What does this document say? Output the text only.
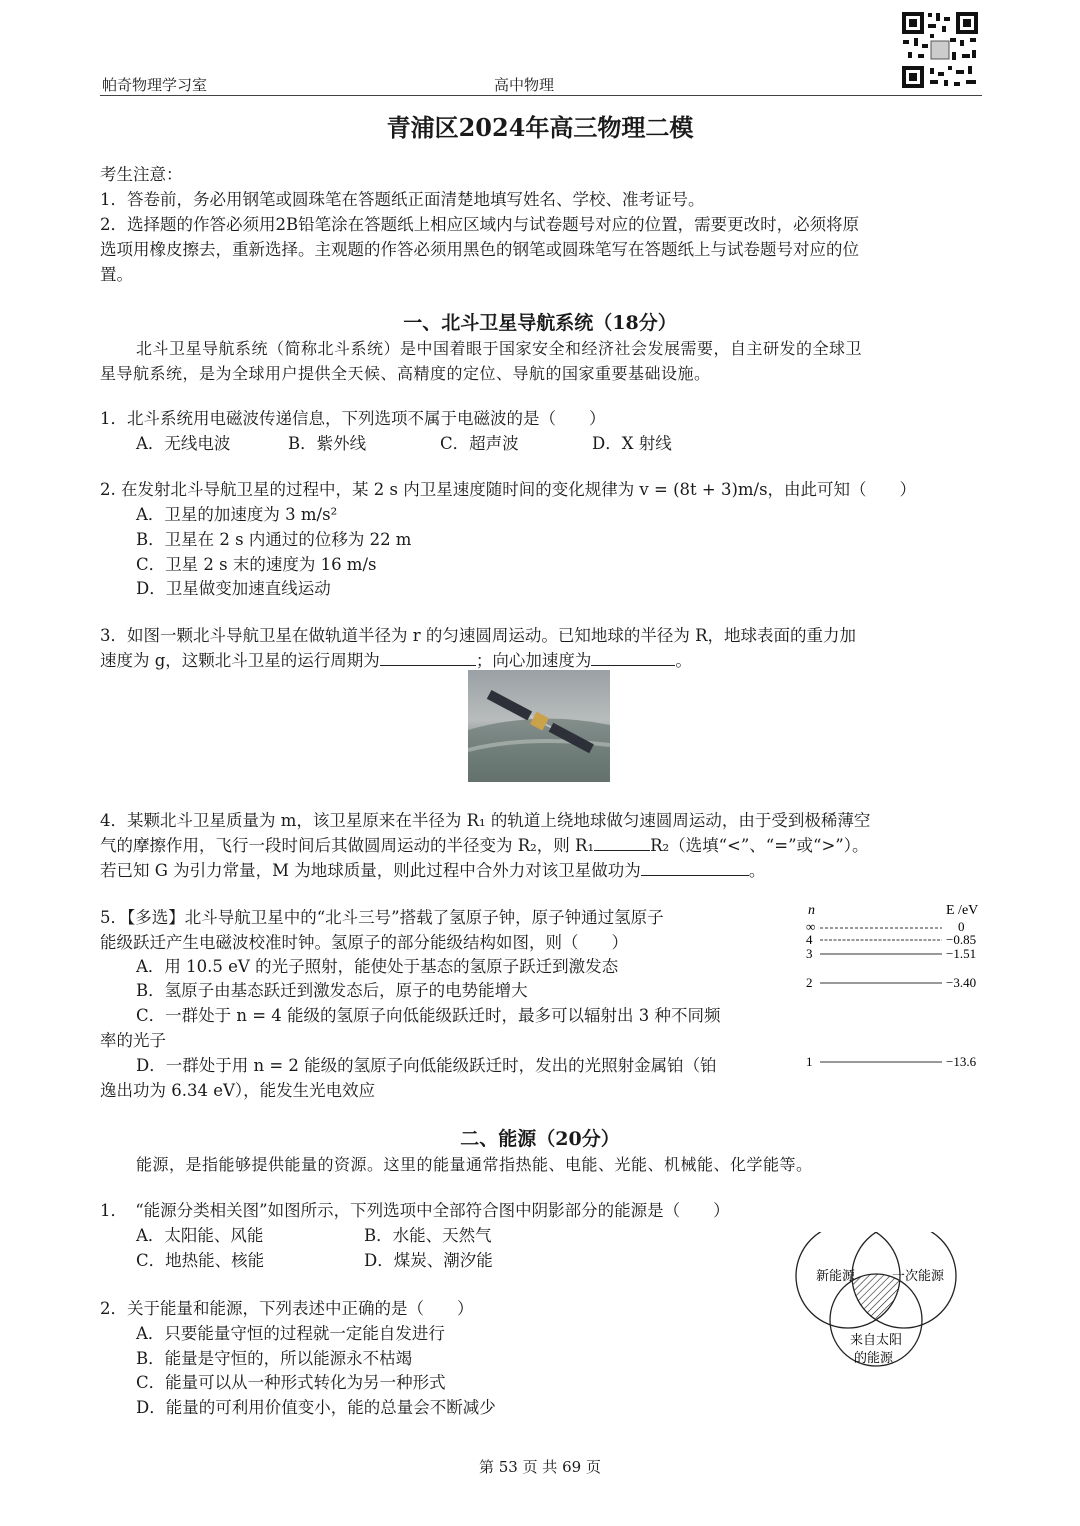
帕奇物理学习室	高中物理
青浦区2024年高三物理二模
考生注意：
1．答卷前，务必用钢笔或圆珠笔在答题纸正面清楚地填写姓名、学校、准考证号。
2．选择题的作答必须用2B铅笔涂在答题纸上相应区域内与试卷题号对应的位置，需要更改时，必须将原
选项用橡皮擦去，重新选择。主观题的作答必须用黑色的钢笔或圆珠笔写在答题纸上与试卷题号对应的位
置。
一、北斗卫星导航系统（18分）
北斗卫星导航系统（简称北斗系统）是中国着眼于国家安全和经济社会发展需要，自主研发的全球卫
星导航系统，是为全球用户提供全天候、高精度的定位、导航的国家重要基础设施。
1．北斗系统用电磁波传递信息，下列选项不属于电磁波的是（　　）
A．无线电波	B．紫外线	C．超声波	D．X 射线
2. 在发射北斗导航卫星的过程中，某 2 s 内卫星速度随时间的变化规律为 v = (8t + 3)m/s，由此可知（　　）
A．卫星的加速度为 3 m/s²
B．卫星在 2 s 内通过的位移为 22 m
C．卫星 2 s 末的速度为 16 m/s
D．卫星做变加速直线运动
3．如图一颗北斗导航卫星在做轨道半径为 r 的匀速圆周运动。已知地球的半径为 R，地球表面的重力加
速度为 g，这颗北斗卫星的运行周期为	；向心加速度为	。
4．某颗北斗卫星质量为 m，该卫星原来在半径为 R₁ 的轨道上绕地球做匀速圆周运动，由于受到极稀薄空
气的摩擦作用，飞行一段时间后其做圆周运动的半径变为 R₂，则 R₁	R₂（选填“<”、“=”或“>”）。
若已知 G 为引力常量，M 为地球质量，则此过程中合外力对该卫星做功为	。
5．【多选】北斗导航卫星中的“北斗三号”搭载了氢原子钟，原子钟通过氢原子
能级跃迁产生电磁波校准时钟。氢原子的部分能级结构如图，则（　　）
A．用 10.5 eV 的光子照射，能使处于基态的氢原子跃迁到激发态
B．氢原子由基态跃迁到激发态后，原子的电势能增大
C．一群处于 n = 4 能级的氢原子向低能级跃迁时，最多可以辐射出 3 种不同频
率的光子
D．一群处于用 n = 2 能级的氢原子向低能级跃迁时，发出的光照射金属铂（铂
逸出功为 6.34 eV），能发生光电效应
n	E /eV
∞	0
4	−0.85
3	−1.51
2	−3.40
1	−13.6
二、能源（20分）
能源，是指能够提供能量的资源。这里的能量通常指热能、电能、光能、机械能、化学能等。
1．　“能源分类相关图”如图所示，下列选项中全部符合图中阴影部分的能源是（　　）
A．太阳能、风能	B．水能、天然气
C．地热能、核能	D．煤炭、潮汐能
2．关于能量和能源，下列表述中正确的是（　　）
A．只要能量守恒的过程就一定能自发进行
B．能量是守恒的，所以能源永不枯竭
C．能量可以从一种形式转化为另一种形式
D．能量的可利用价值变小，能的总量会不断减少
新能源	一次能源
来自太阳
的能源
第 53 页 共 69 页
